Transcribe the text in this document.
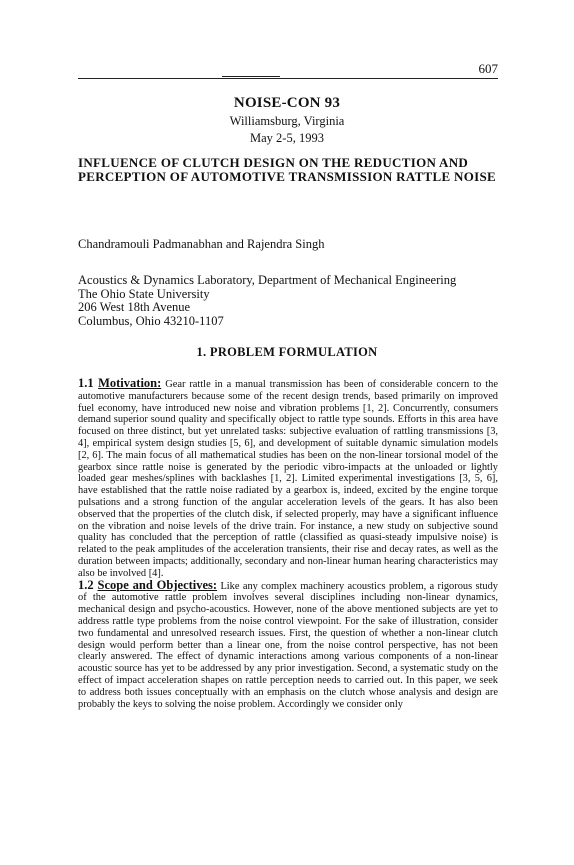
607
NOISE-CON 93
Williamsburg, Virginia
May 2-5, 1993
INFLUENCE OF CLUTCH DESIGN ON THE REDUCTION AND PERCEPTION OF AUTOMOTIVE TRANSMISSION RATTLE NOISE
Chandramouli Padmanabhan and Rajendra Singh
Acoustics & Dynamics Laboratory, Department of Mechanical Engineering
The Ohio State University
206 West 18th Avenue
Columbus, Ohio 43210-1107
1. PROBLEM FORMULATION

1.1 Motivation: Gear rattle in a manual transmission has been of considerable concern to the automotive manufacturers because some of the recent design trends, based primarily on improved fuel economy, have introduced new noise and vibration problems [1, 2]. Concurrently, consumers demand superior sound quality and specifically object to rattle type sounds. Efforts in this area have focused on three distinct, but yet unrelated tasks: subjective evaluation of rattling transmissions [3, 4], empirical system design studies [5, 6], and development of suitable dynamic simulation models [2, 6]. The main focus of all mathematical studies has been on the non-linear torsional model of the gearbox since rattle noise is generated by the periodic vibro-impacts at the unloaded or lightly loaded gear meshes/splines with backlashes [1, 2]. Limited experimental investigations [3, 5, 6], have established that the rattle noise radiated by a gearbox is, indeed, excited by the engine torque pulsations and a strong function of the angular acceleration levels of the gears. It has also been observed that the properties of the clutch disk, if selected properly, may have a significant influence on the vibration and noise levels of the drive train. For instance, a new study on subjective sound quality has concluded that the perception of rattle (classified as quasi-steady impulsive noise) is related to the peak amplitudes of the acceleration transients, their rise and decay rates, as well as the duration between impacts; additionally, secondary and non-linear human hearing characteristics may also be involved [4].

1.2 Scope and Objectives: Like any complex machinery acoustics problem, a rigorous study of the automotive rattle problem involves several disciplines including non-linear dynamics, mechanical design and psycho-acoustics. However, none of the above mentioned subjects are yet to address rattle type problems from the noise control viewpoint. For the sake of illustration, consider two fundamental and unresolved research issues. First, the question of whether a non-linear clutch design would perform better than a linear one, from the noise control perspective, has not been clearly answered. The effect of dynamic interactions among various components of a non-linear acoustic source has yet to be addressed by any prior investigation. Second, a systematic study on the effect of impact acceleration shapes on rattle perception needs to carried out. In this paper, we seek to address both issues conceptually with an emphasis on the clutch whose analysis and design are probably the keys to solving the noise problem. Accordingly we consider only
